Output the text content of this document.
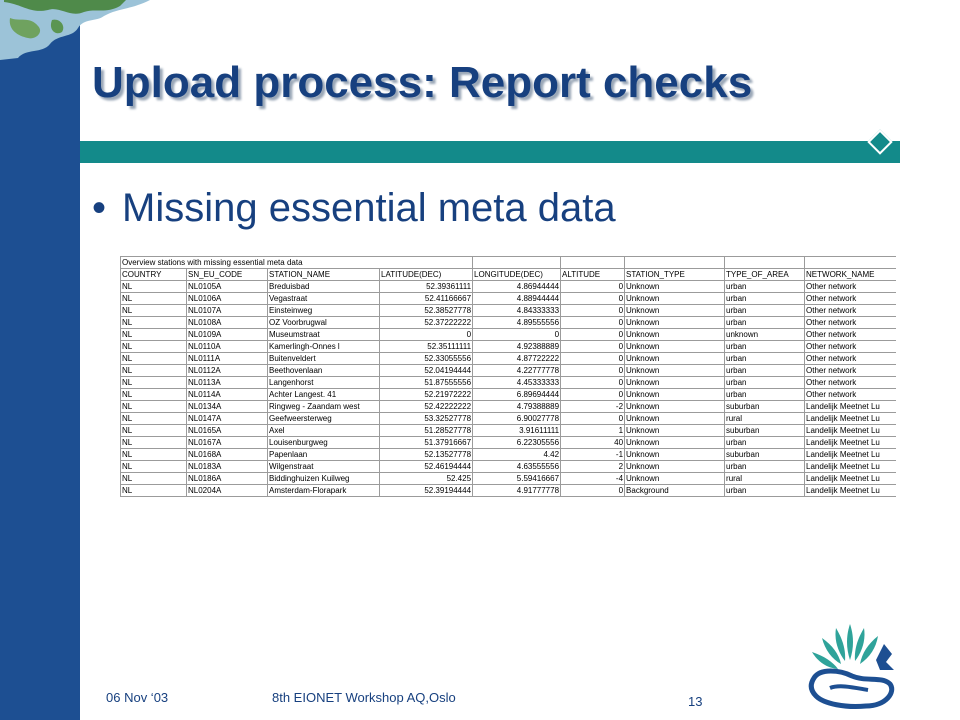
Upload process: Report checks
• Missing essential meta data
Overview stations with missing essential meta data								
COUNTRY	SN_EU_CODE	STATION_NAME	LATITUDE(DEC)	LONGITUDE(DEC)	ALTITUDE	STATION_TYPE	TYPE_OF_AREA	NETWORK_NAME
NL	NL0105A	Breduisbad	52.39361111	4.86944444	0	Unknown	urban	Other network
NL	NL0106A	Vegastraat	52.41166667	4.88944444	0	Unknown	urban	Other network
NL	NL0107A	Einsteinweg	52.38527778	4.84333333	0	Unknown	urban	Other network
NL	NL0108A	OZ Voorbrugwal	52.37222222	4.89555556	0	Unknown	urban	Other network
NL	NL0109A	Museumstraat	0	0	0	Unknown	unknown	Other network
NL	NL0110A	Kamerlingh-Onnes l	52.35111111	4.92388889	0	Unknown	urban	Other network
NL	NL0111A	Buitenveldert	52.33055556	4.87722222	0	Unknown	urban	Other network
NL	NL0112A	Beethovenlaan	52.04194444	4.22777778	0	Unknown	urban	Other network
NL	NL0113A	Langenhorst	51.87555556	4.45333333	0	Unknown	urban	Other network
NL	NL0114A	Achter Langest. 41	52.21972222	6.89694444	0	Unknown	urban	Other network
NL	NL0134A	Ringweg - Zaandam west	52.42222222	4.79388889	-2	Unknown	suburban	Landelijk Meetnet Lu
NL	NL0147A	Geefweersterweg	53.32527778	6.90027778	0	Unknown	rural	Landelijk Meetnet Lu
NL	NL0165A	Axel	51.28527778	3.91611111	1	Unknown	suburban	Landelijk Meetnet Lu
NL	NL0167A	Louisenburgweg	51.37916667	6.22305556	40	Unknown	urban	Landelijk Meetnet Lu
NL	NL0168A	Papenlaan	52.13527778	4.42	-1	Unknown	suburban	Landelijk Meetnet Lu
NL	NL0183A	Wilgenstraat	52.46194444	4.63555556	2	Unknown	urban	Landelijk Meetnet Lu
NL	NL0186A	Biddinghuizen Kuilweg	52.425	5.59416667	-4	Unknown	rural	Landelijk Meetnet Lu
NL	NL0204A	Amsterdam-Florapark	52.39194444	4.91777778	0	Background	urban	Landelijk Meetnet Lu
06 Nov ‘03	8th EIONET Workshop AQ,Oslo	13
